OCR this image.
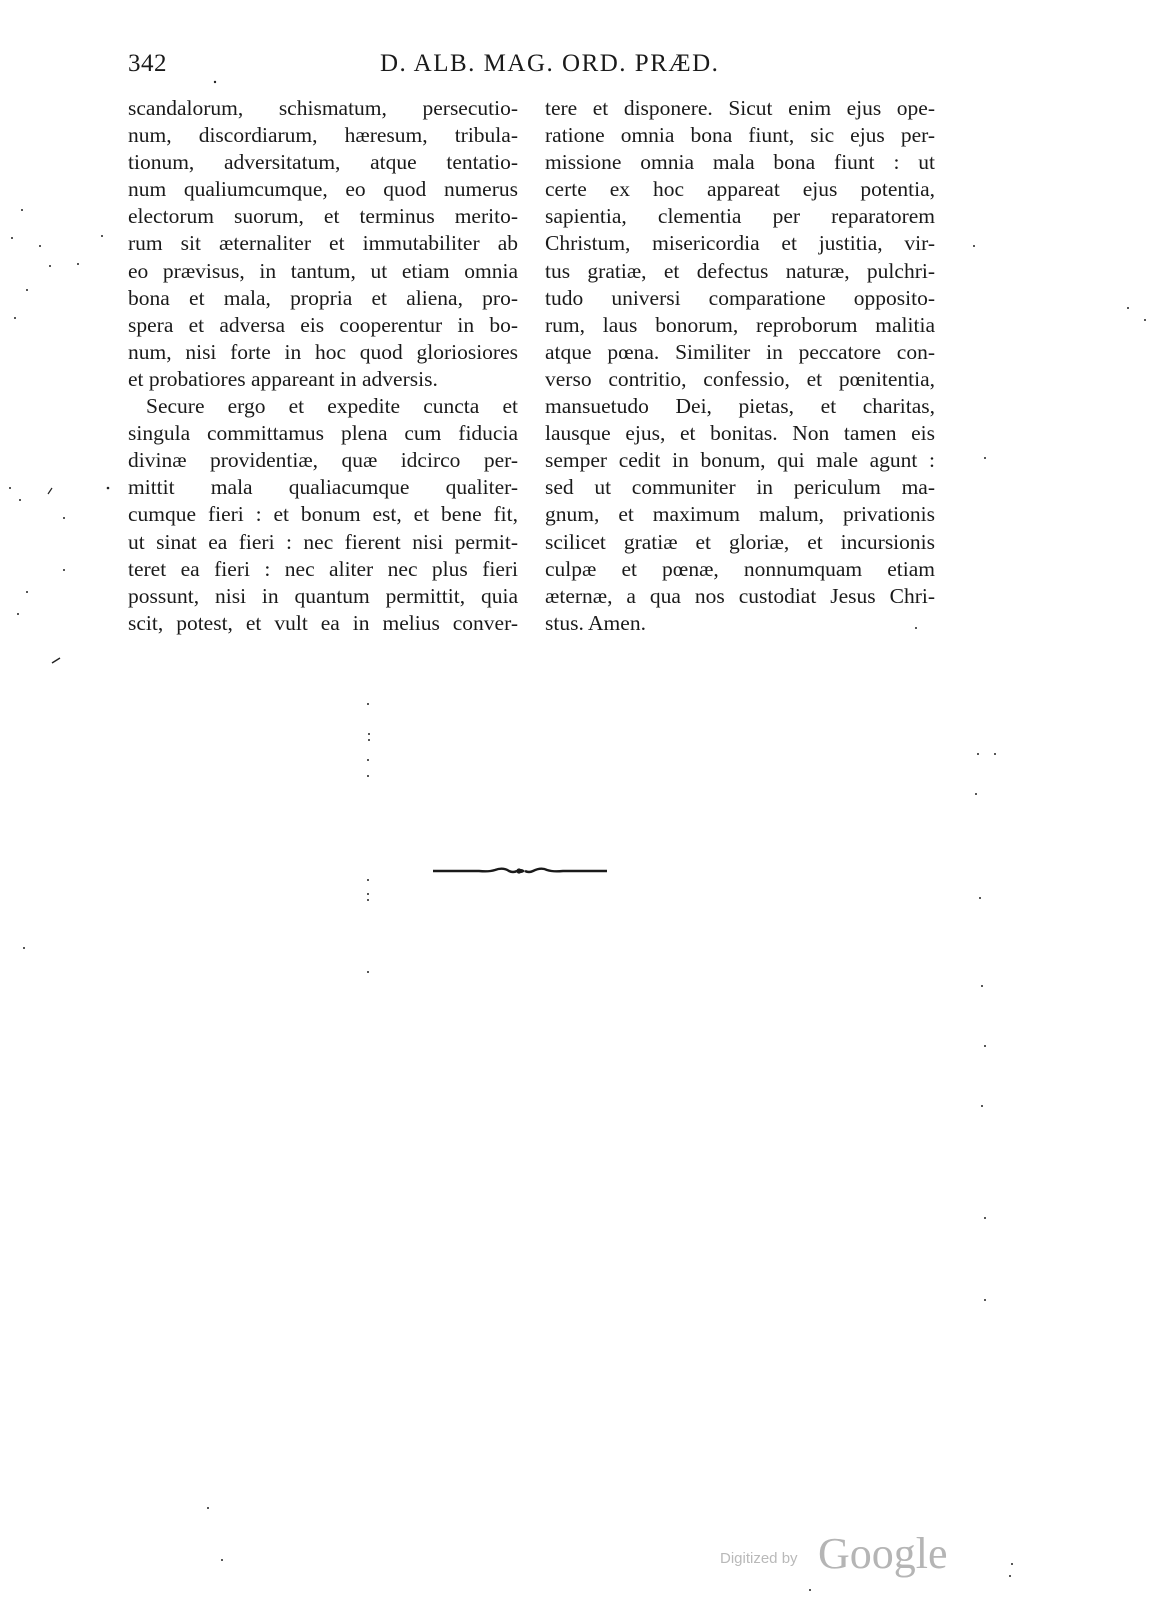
342	D. ALB. MAG. ORD. PRÆD.
scandalorum, schismatum, persecutio-
num, discordiarum, hæresum, tribula-
tionum, adversitatum, atque tentatio-
num qualiumcumque, eo quod numerus
electorum suorum, et terminus merito-
rum sit æternaliter et immutabiliter ab
eo prævisus, in tantum, ut etiam omnia
bona et mala, propria et aliena, pro-
spera et adversa eis cooperentur in bo-
num, nisi forte in hoc quod gloriosiores
et probatiores appareant in adversis.
Secure ergo et expedite cuncta et
singula committamus plena cum fiducia
divinæ providentiæ, quæ idcirco per-
mittit mala qualiacumque qualiter-
cumque fieri : et bonum est, et bene fit,
ut sinat ea fieri : nec fierent nisi permit-
teret ea fieri : nec aliter nec plus fieri
possunt, nisi in quantum permittit, quia
scit, potest, et vult ea in melius conver-
tere et disponere. Sicut enim ejus ope-
ratione omnia bona fiunt, sic ejus per-
missione omnia mala bona fiunt : ut
certe ex hoc appareat ejus potentia,
sapientia, clementia per reparatorem
Christum, misericordia et justitia, vir-
tus gratiæ, et defectus naturæ, pulchri-
tudo universi comparatione opposito-
rum, laus bonorum, reproborum malitia
atque pœna. Similiter in peccatore con-
verso contritio, confessio, et pœnitentia,
mansuetudo Dei, pietas, et charitas,
lausque ejus, et bonitas. Non tamen eis
semper cedit in bonum, qui male agunt :
sed ut communiter in periculum ma-
gnum, et maximum malum, privationis
scilicet gratiæ et gloriæ, et incursionis
culpæ et pœnæ, nonnumquam etiam
æternæ, a qua nos custodiat Jesus Chri-
stus. Amen.
Digitized by Google
